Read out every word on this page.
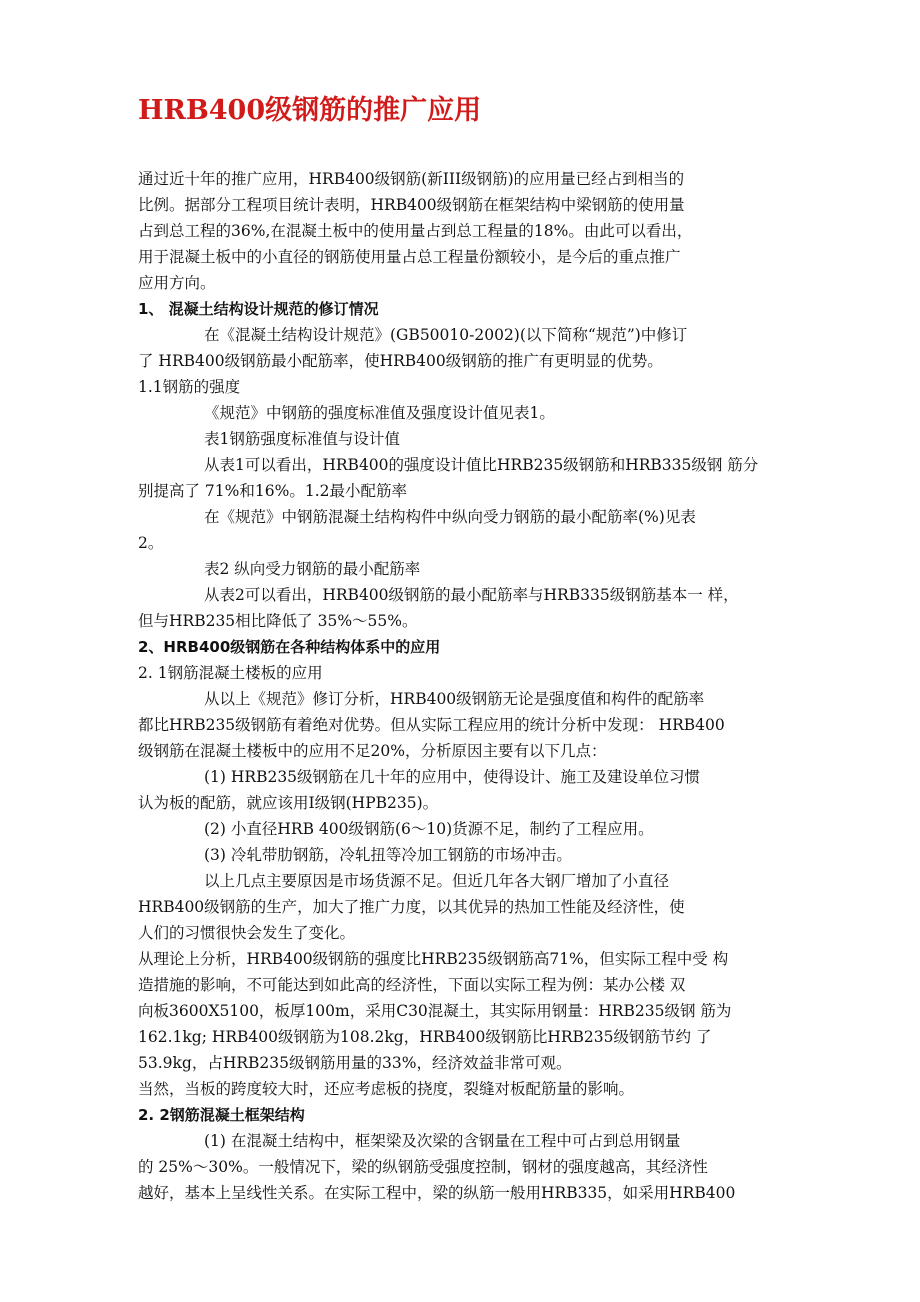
HRB400级钢筋的推广应用
通过近十年的推广应用，HRB400级钢筋(新III级钢筋)的应用量已经占到相当的
比例。据部分工程项目统计表明，HRB400级钢筋在框架结构中梁钢筋的使用量
占到总工程的36%,在混凝土板中的使用量占到总工程量的18%。由此可以看出，
用于混凝土板中的小直径的钢筋使用量占总工程量份额较小，是今后的重点推广
应用方向。
1、 混凝土结构设计规范的修订情况
在《混凝土结构设计规范》(GB50010-2002)(以下简称“规范”)中修订
了 HRB400级钢筋最小配筋率，使HRB400级钢筋的推广有更明显的优势。
1.1钢筋的强度
《规范》中钢筋的强度标准值及强度设计值见表1。
表1钢筋强度标准值与设计值
从表1可以看出，HRB400的强度设计值比HRB235级钢筋和HRB335级钢 筋分
别提高了 71%和16%。1.2最小配筋率
在《规范》中钢筋混凝土结构构件中纵向受力钢筋的最小配筋率(%)见表
2。
表2 纵向受力钢筋的最小配筋率
从表2可以看出，HRB400级钢筋的最小配筋率与HRB335级钢筋基本一 样，
但与HRB235相比降低了 35%〜55%。
2、HRB400级钢筋在各种结构体系中的应用
2. 1钢筋混凝土楼板的应用
从以上《规范》修订分析，HRB400级钢筋无论是强度值和构件的配筋率
都比HRB235级钢筋有着绝对优势。但从实际工程应用的统计分析中发现： HRB400
级钢筋在混凝土楼板中的应用不足20%，分析原因主要有以下几点：
(1) HRB235级钢筋在几十年的应用中，使得设计、施工及建设单位习惯
认为板的配筋，就应该用I级钢(HPB235)。
(2) 小直径HRB 400级钢筋(6〜10)货源不足，制约了工程应用。
(3) 冷轧带肋钢筋，冷轧扭等冷加工钢筋的市场冲击。
以上几点主要原因是市场货源不足。但近几年各大钢厂增加了小直径
HRB400级钢筋的生产，加大了推广力度，以其优异的热加工性能及经济性，使
人们的习惯很快会发生了变化。
从理论上分析，HRB400级钢筋的强度比HRB235级钢筋高71%，但实际工程中受 构
造措施的影响，不可能达到如此高的经济性，下面以实际工程为例：某办公楼 双
向板3600X5100，板厚100m，采用C30混凝土，其实际用钢量：HRB235级钢 筋为
162.1kg; HRB400级钢筋为108.2kg，HRB400级钢筋比HRB235级钢筋节约 了
53.9kg，占HRB235级钢筋用量的33%，经济效益非常可观。
当然，当板的跨度较大时，还应考虑板的挠度，裂缝对板配筋量的影响。
2. 2钢筋混凝土框架结构
(1) 在混凝土结构中，框架梁及次梁的含钢量在工程中可占到总用钢量
的 25%〜30%。一般情况下，梁的纵钢筋受强度控制，钢材的强度越高，其经济性
越好，基本上呈线性关系。在实际工程中，梁的纵筋一般用HRB335，如采用HRB400
